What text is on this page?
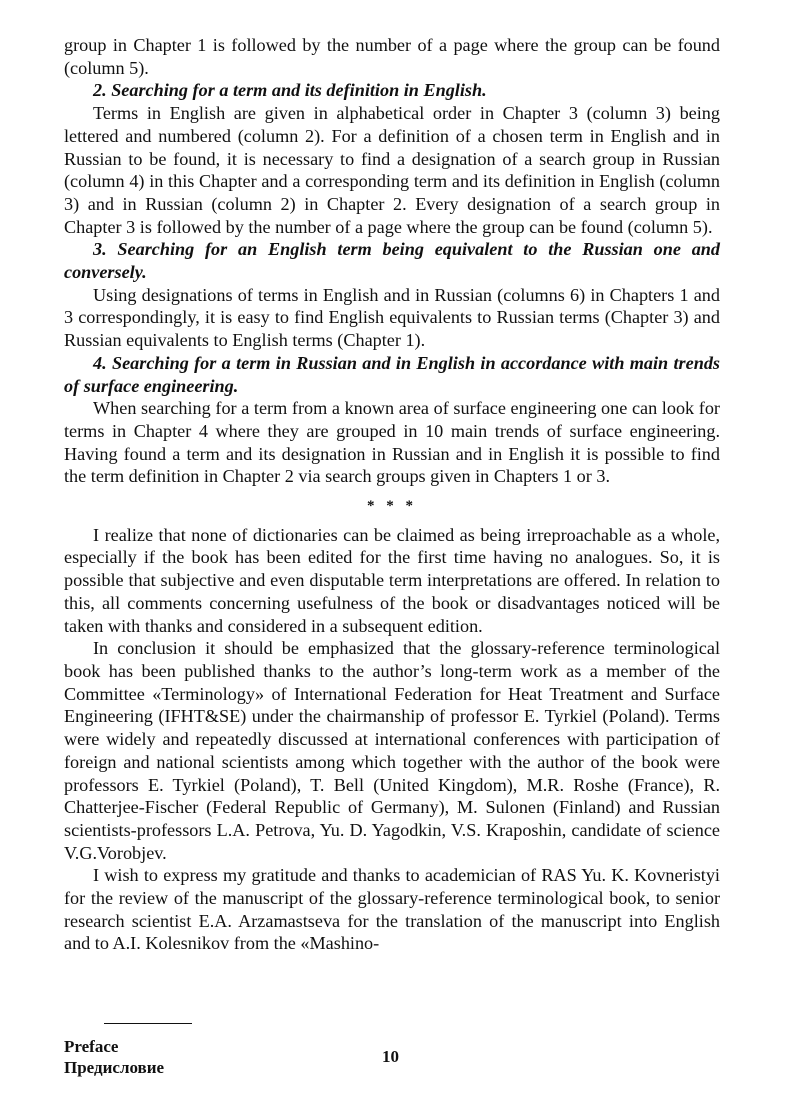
group in Chapter 1 is followed by the number of a page where the group can be found (column 5).

2. Searching for a term and its definition in English.

Terms in English are given in alphabetical order in Chapter 3 (column 3) being lettered and numbered (column 2). For a definition of a chosen term in English and in Russian to be found, it is necessary to find a designation of a search group in Russian (column 4) in this Chapter and a corresponding term and its definition in English (column 3) and in Russian (column 2) in Chapter 2. Every designation of a search group in Chapter 3 is followed by the number of a page where the group can be found (column 5).

3. Searching for an English term being equivalent to the Russian one and conversely.

Using designations of terms in English and in Russian (columns 6) in Chapters 1 and 3 correspondingly, it is easy to find English equivalents to Russian terms (Chapter 3) and Russian equivalents to English terms (Chapter 1).

4. Searching for a term in Russian and in English in accordance with main trends of surface engineering.

When searching for a term from a known area of surface engineering one can look for terms in Chapter 4 where they are grouped in 10 main trends of surface engineering. Having found a term and its designation in Russian and in English it is possible to find the term definition in Chapter 2 via search groups given in Chapters 1 or 3.

* * *

I realize that none of dictionaries can be claimed as being irreproachable as a whole, especially if the book has been edited for the first time having no analogues. So, it is possible that subjective and even disputable term interpretations are offered. In relation to this, all comments concerning usefulness of the book or disadvantages noticed will be taken with thanks and considered in a subsequent edition.

In conclusion it should be emphasized that the glossary-reference terminological book has been published thanks to the author’s long-term work as a member of the Committee «Terminology» of International Federation for Heat Treatment and Surface Engineering (IFHT&SE) under the chairmanship of professor E. Tyrkiel (Poland). Terms were widely and repeatedly discussed at international conferences with participation of foreign and national scientists among which together with the author of the book were professors E. Tyrkiel (Poland), T. Bell (United Kingdom), M.R. Roshe (France), R. Chatterjee-Fischer (Federal Republic of Germany), M. Sulonen (Finland) and Russian scientists-professors L.A. Petrova, Yu. D. Yagodkin, V.S. Kraposhin, candidate of science V.G.Vorobjev.

I wish to express my gratitude and thanks to academician of RAS Yu. K. Kovneristyi for the review of the manuscript of the glossary-reference terminological book, to senior research scientist E.A. Arzamastseva for the translation of the manuscript into English and to A.I. Kolesnikov from the «Mashino-

Preface
Предисловие
10
